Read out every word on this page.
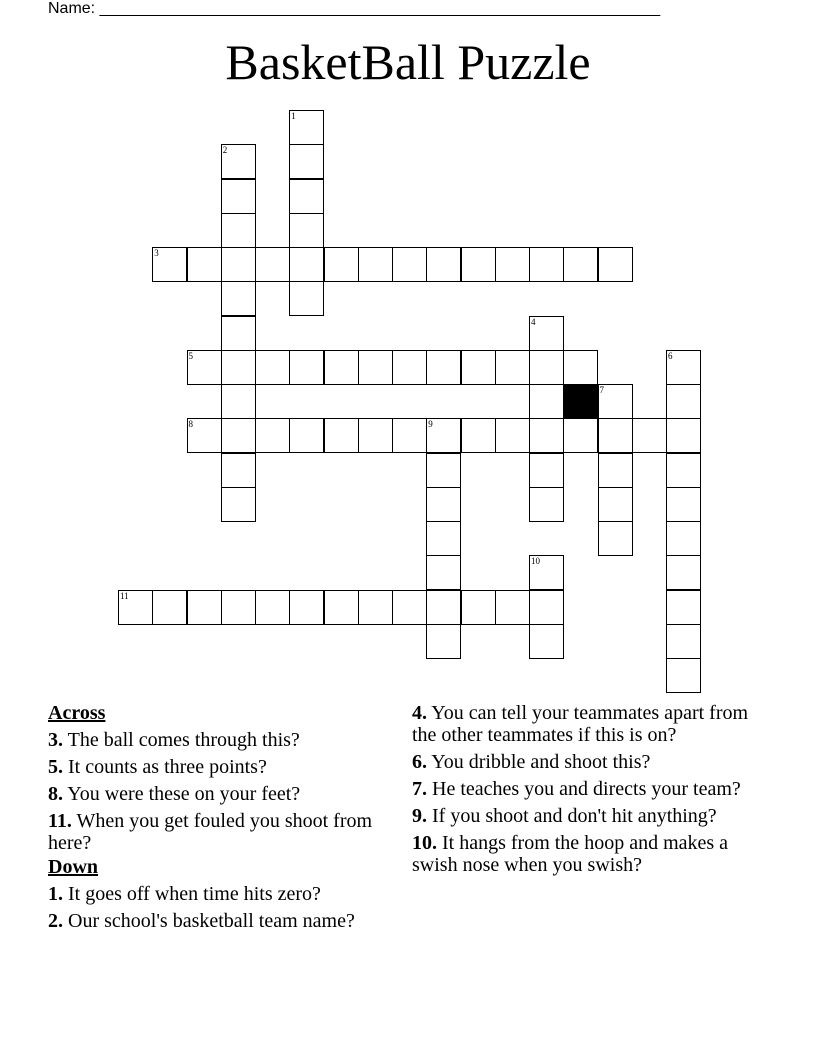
Name: _______________________________________________________________
BasketBall Puzzle
1
2
3
4
5	6
7
8	9
10
11
Across
3. The ball comes through this?
5. It counts as three points?
8. You were these on your feet?
11. When you get fouled you shoot from here?
Down
1. It goes off when time hits zero?
2. Our school's basketball team name?
4. You can tell your teammates apart from the other teammates if this is on?
6. You dribble and shoot this?
7. He teaches you and directs your team?
9. If you shoot and don't hit anything?
10. It hangs from the hoop and makes a swish nose when you swish?
